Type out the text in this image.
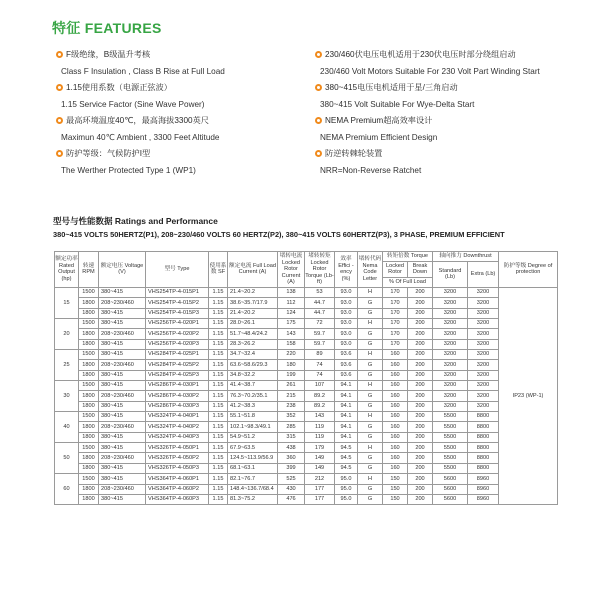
特征 FEATURES
F级绝缘，B级温升考核
Class F Insulation , Class B Rise at Full Load
1.15使用系数（电源正弦波）
1.15 Service Factor (Sine Wave Power)
最高环境温度40℃，最高海拔3300英尺
Maximun 40℃ Ambient , 3300 Feet Altitude
防护等级：气候防护I型
The Werther Protected Type 1 (WP1)
230/460伏电压电机适用于230伏电压时部分绕组启动
230/460 Volt Motors Suitable For 230 Volt Part Winding Start
380~415电压电机适用于星/三角启动
380~415 Volt Suitable For Wye-Delta Start
NEMA Premium超高效率设计
NEMA Premium Efficient Design
防逆转棘轮装置
NRR=Non-Reverse Ratchet
型号与性能数据 Ratings and Performance
380~415 VOLTS 50HERTZ(P1), 208~230/460 VOLTS 60 HERTZ(P2), 380~415 VOLTS 60HERTZ(P3), 3 PHASE, PREMIUM EFFICIENT
额定功率 Rated Output (hp)	转速 RPM	额定电压 Voltage (V)	型号 Type	使用系数 SF	额定电流 Full Load Current (A)	堵转电流 Locked Rotor Current (A)	堵转转矩 Locked Rotor Torque (Lb-ft)	效率 Effici -ency (%)	堵转代码 Nema Code Letter	转矩倍数 Torque		轴向推力 Downthrust		防护等级 Degree of protection
										Locked Rotor	Break Down	Standard (Lb)	Extra (Lb)	
										% Of Full Load				
15	1500	380~415	VHS254TP-4-015P1	1.15	21.4~20.2	138	53	93.0	H	170	200	3200	3200	IP23 (WP-1)
	1800	208~230/460	VHS254TP-4-015P2	1.15	38.6~35.7/17.9	112	44.7	93.0	G	170	200	3200	3200	
	1800	380~415	VHS254TP-4-015P3	1.15	21.4~20.2	124	44.7	93.0	G	170	200	3200	3200	
20	1500	380~415	VHS256TP-4-020P1	1.15	28.0~26.1	175	72	93.0	H	170	200	3200	3200	
	1800	208~230/460	VHS256TP-4-020P2	1.15	51.7~48.4/24.2	143	59.7	93.0	G	170	200	3200	3200	
	1800	380~415	VHS256TP-4-020P3	1.15	28.3~26.2	158	59.7	93.0	G	170	200	3200	3200	
25	1500	380~415	VHS284TP-4-025P1	1.15	34.7~32.4	220	89	93.6	H	160	200	3200	3200	
	1800	208~230/460	VHS284TP-4-025P2	1.15	63.6~58.6/29.3	180	74	93.6	G	160	200	3200	3200	
	1800	380~415	VHS284TP-4-025P3	1.15	34.8~32.2	199	74	93.6	G	160	200	3200	3200	
30	1500	380~415	VHS286TP-4-030P1	1.15	41.4~38.7	261	107	94.1	H	160	200	3200	3200	
	1800	208~230/460	VHS286TP-4-030P2	1.15	76.3~70.2/35.1	215	89.2	94.1	G	160	200	3200	3200	
	1800	380~415	VHS286TP-4-030P3	1.15	41.2~38.3	238	89.2	94.1	G	160	200	3200	3200	
40	1500	380~415	VHS324TP-4-040P1	1.15	55.1~51.8	352	143	94.1	H	160	200	5500	8800	
	1800	208~230/460	VHS324TP-4-040P2	1.15	102.1~98.3/49.1	285	119	94.1	G	160	200	5500	8800	
	1800	380~415	VHS324TP-4-040P3	1.15	54.9~51.2	315	119	94.1	G	160	200	5500	8800	
50	1500	380~415	VHS326TP-4-050P1	1.15	67.9~63.5	438	179	94.5	H	160	200	5500	8800	
	1800	208~230/460	VHS326TP-4-050P2	1.15	124.5~113.9/56.9	360	149	94.5	G	160	200	5500	8800	
	1800	380~415	VHS326TP-4-050P3	1.15	68.1~63.1	399	149	94.5	G	160	200	5500	8800	
60	1500	380~415	VHS364TP-4-060P1	1.15	82.1~76.7	525	212	95.0	H	150	200	5600	8960	
	1800	208~230/460	VHS364TP-4-060P2	1.15	148.4~136.7/68.4	430	177	95.0	G	150	200	5600	8960	
	1800	380~415	VHS364TP-4-060P3	1.15	81.3~75.2	476	177	95.0	G	150	200	5600	8960	
